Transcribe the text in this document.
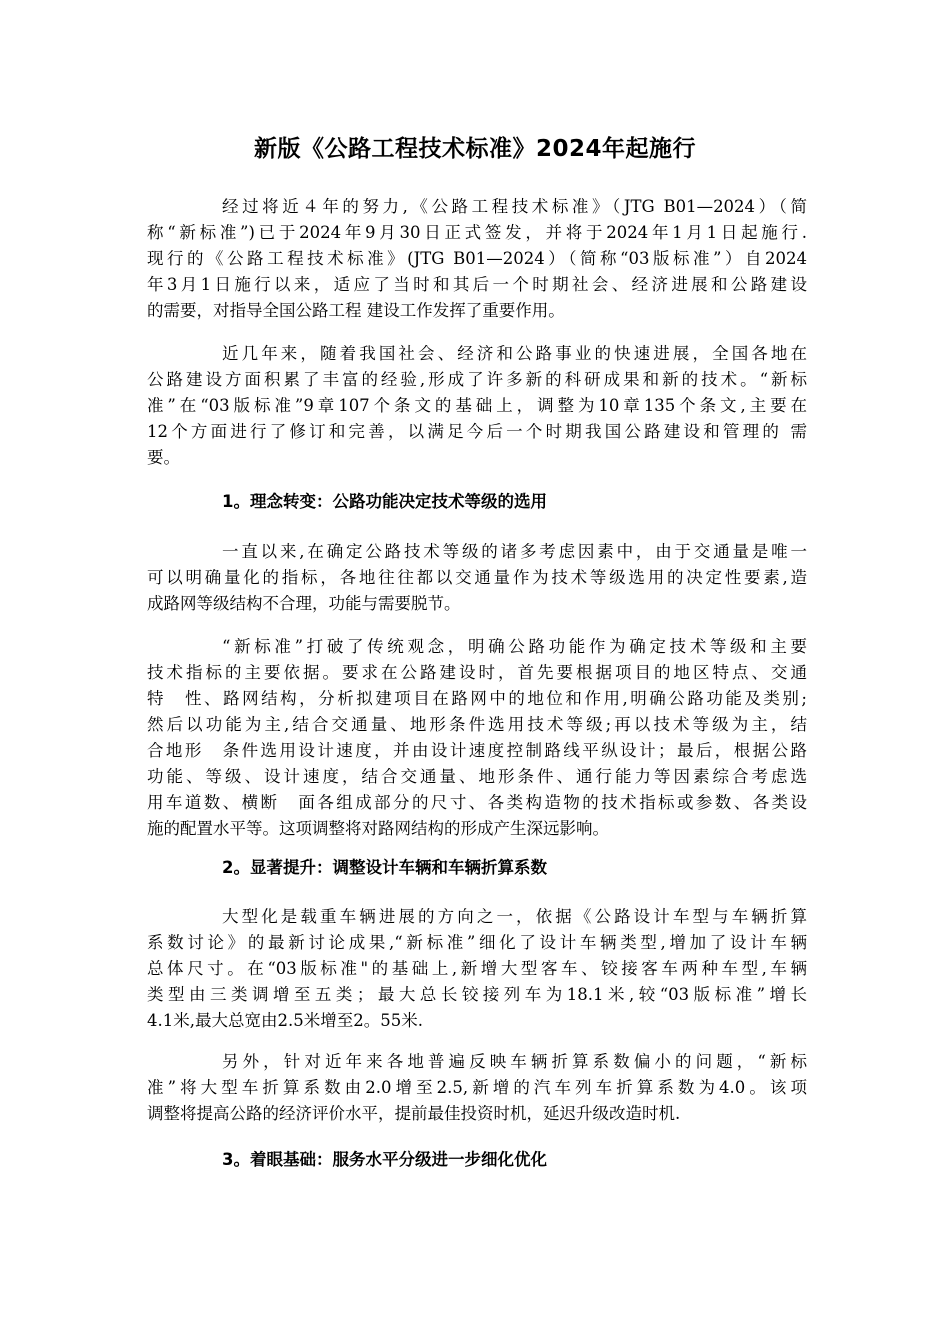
新版《公路工程技术标准》2024年起施行
经过将近４年的努力,《公路工程技术标准》（JTG B01—2024）（简
称“新标准”)已于2024年9月30日正式签发，并将于2024年1月1日起施行.
现行的《公路工程技术标准》(JTG B01—2024）（简称“03版标准”）自2024
年3月1日施行以来，适应了当时和其后一个时期社会、经济进展和公路建设
的需要，对指导全国公路工程 建设工作发挥了重要作用。
近几年来，随着我国社会、经济和公路事业的快速进展，全国各地在
公路建设方面积累了丰富的经验,形成了许多新的科研成果和新的技术。“新标
准”在“03版标准”9章107个条文的基础上，调整为10章135个条文,主要在
12个方面进行了修订和完善，以满足今后一个时期我国公路建设和管理的 需
要。
1。理念转变：公路功能决定技术等级的选用
一直以来,在确定公路技术等级的诸多考虑因素中，由于交通量是唯一
可以明确量化的指标，各地往往都以交通量作为技术等级选用的决定性要素,造
成路网等级结构不合理，功能与需要脱节。
“新标准”打破了传统观念，明确公路功能作为确定技术等级和主要
技术指标的主要依据。要求在公路建设时，首先要根据项目的地区特点、交通
特　性、路网结构，分析拟建项目在路网中的地位和作用,明确公路功能及类别;
然后以功能为主,结合交通量、地形条件选用技术等级;再以技术等级为主，结
合地形　条件选用设计速度，并由设计速度控制路线平纵设计；最后，根据公路
功能、等级、设计速度，结合交通量、地形条件、通行能力等因素综合考虑选
用车道数、横断　面各组成部分的尺寸、各类构造物的技术指标或参数、各类设
施的配置水平等。这项调整将对路网结构的形成产生深远影响。
2。显著提升：调整设计车辆和车辆折算系数
大型化是载重车辆进展的方向之一，依据《公路设计车型与车辆折算
系数讨论》的最新讨论成果,“新标准”细化了设计车辆类型,增加了设计车辆
总体尺寸。在“03版标准"的基础上,新增大型客车、铰接客车两种车型,车辆
类型由三类调增至五类；最大总长铰接列车为18.1米,较“03版标准”增长
4.1米,最大总宽由2.5米增至2。55米.
另外，针对近年来各地普遍反映车辆折算系数偏小的问题，“新标
准”将大型车折算系数由2.0增至2.5,新增的汽车列车折算系数为4.0。该项
调整将提高公路的经济评价水平，提前最佳投资时机，延迟升级改造时机.
3。着眼基础：服务水平分级进一步细化优化
